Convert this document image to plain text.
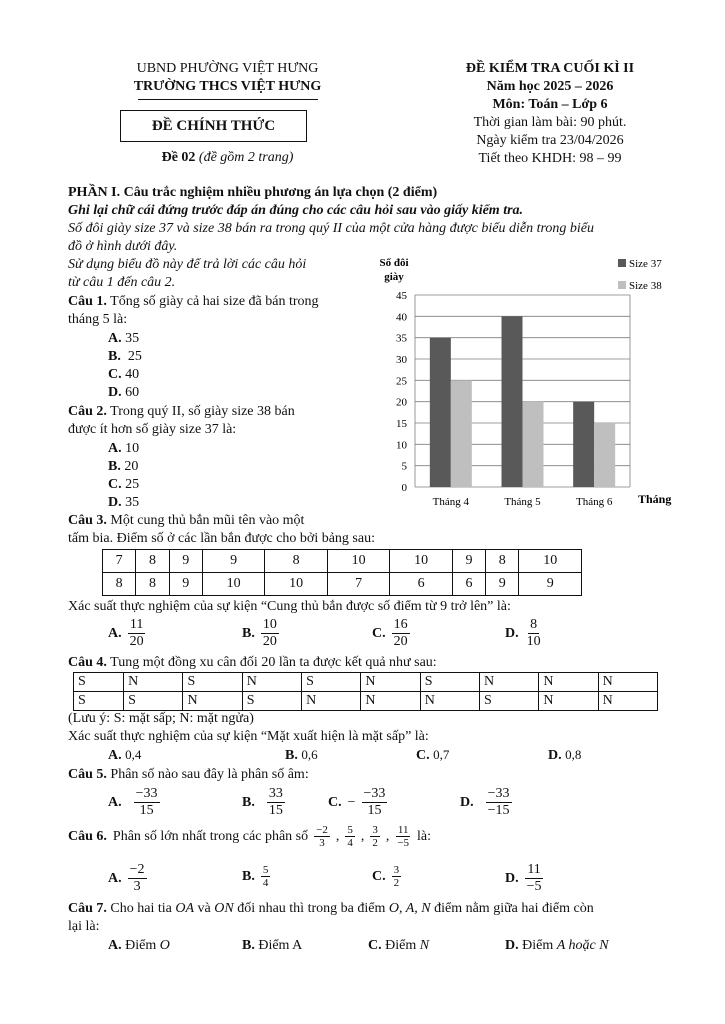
UBND PHƯỜNG VIỆT HƯNG
TRƯỜNG THCS VIỆT HƯNG
ĐỀ CHÍNH THỨC
Đề 02 (đề gồm 2 trang)
ĐỀ KIỂM TRA CUỐI KÌ II
Năm học 2025 – 2026
Môn: Toán – Lớp 6
Thời gian làm bài: 90 phút.
Ngày kiểm tra 23/04/2026
Tiết theo KHDH: 98 – 99
PHẦN I. Câu trắc nghiệm nhiều phương án lựa chọn (2 điểm)
Ghi lại chữ cái đứng trước đáp án đúng cho các câu hỏi sau vào giấy kiểm tra.
Số đôi giày size 37 và size 38 bán ra trong quý II của một cửa hàng được biểu diễn trong biểu
đồ ở hình dưới đây.
Sử dụng biểu đồ này để trả lời các câu hỏi
từ câu 1 đến câu 2.
Câu 1. Tổng số giày cả hai size đã bán trong
tháng 5 là:
A. 35
B. 25
C. 40
D. 60
Câu 2. Trong quý II, số giày size 38 bán
được ít hơn số giày size 37 là:
A. 10
B. 20
C. 25
D. 35
0
5
10
15
20
25
30
35
40
45
Tháng 4	Tháng 5	Tháng 6
Số đôi
giày
Tháng
Size 37
Size 38
Câu 3. Một cung thủ bắn mũi tên vào một
tấm bia. Điểm số ở các lần bắn được cho bởi bảng sau:
7	8	9	9	8	10	10	9	8	10
8	8	9	10	10	7	6	6	9	9
Xác suất thực nghiệm của sự kiện “Cung thủ bắn được số điểm từ 9 trở lên” là:
A. $\frac{11}{20}$	B. $\frac{10}{20}$	C. $\frac{16}{20}$	D. $\frac{8}{10}$
Câu 4. Tung một đồng xu cân đối 20 lần ta được kết quả như sau:
S	N	S	N	S	N	S	N	N	N
S	S	N	S	N	N	N	S	N	N
(Lưu ý: S: mặt sấp; N: mặt ngửa)
Xác suất thực nghiệm của sự kiện “Mặt xuất hiện là mặt sấp” là:
A. 0,4	B. 0,6	C. 0,7	D. 0,8
Câu 5. Phân số nào sau đây là phân số âm:
A. $\frac{-33}{15}$	B. $\frac{33}{15}$	C. − $\frac{-33}{15}$	D. $\frac{-33}{-15}$
Câu 6. Phân số lớn nhất trong các phân số $\frac{-2}{3}$ , $\frac{5}{4}$ , $\frac{3}{2}$ , $\frac{11}{-5}$ là:
A. $\frac{-2}{3}$	B. $\frac{5}{4}$	C. $\frac{3}{2}$	D. $\frac{11}{-5}$
Câu 7. Cho hai tia OA và ON đối nhau thì trong ba điểm O, A, N điểm nằm giữa hai điểm còn
lại là:
A. Điểm O	B. Điểm A	C. Điểm N	D. Điểm A hoặc N
